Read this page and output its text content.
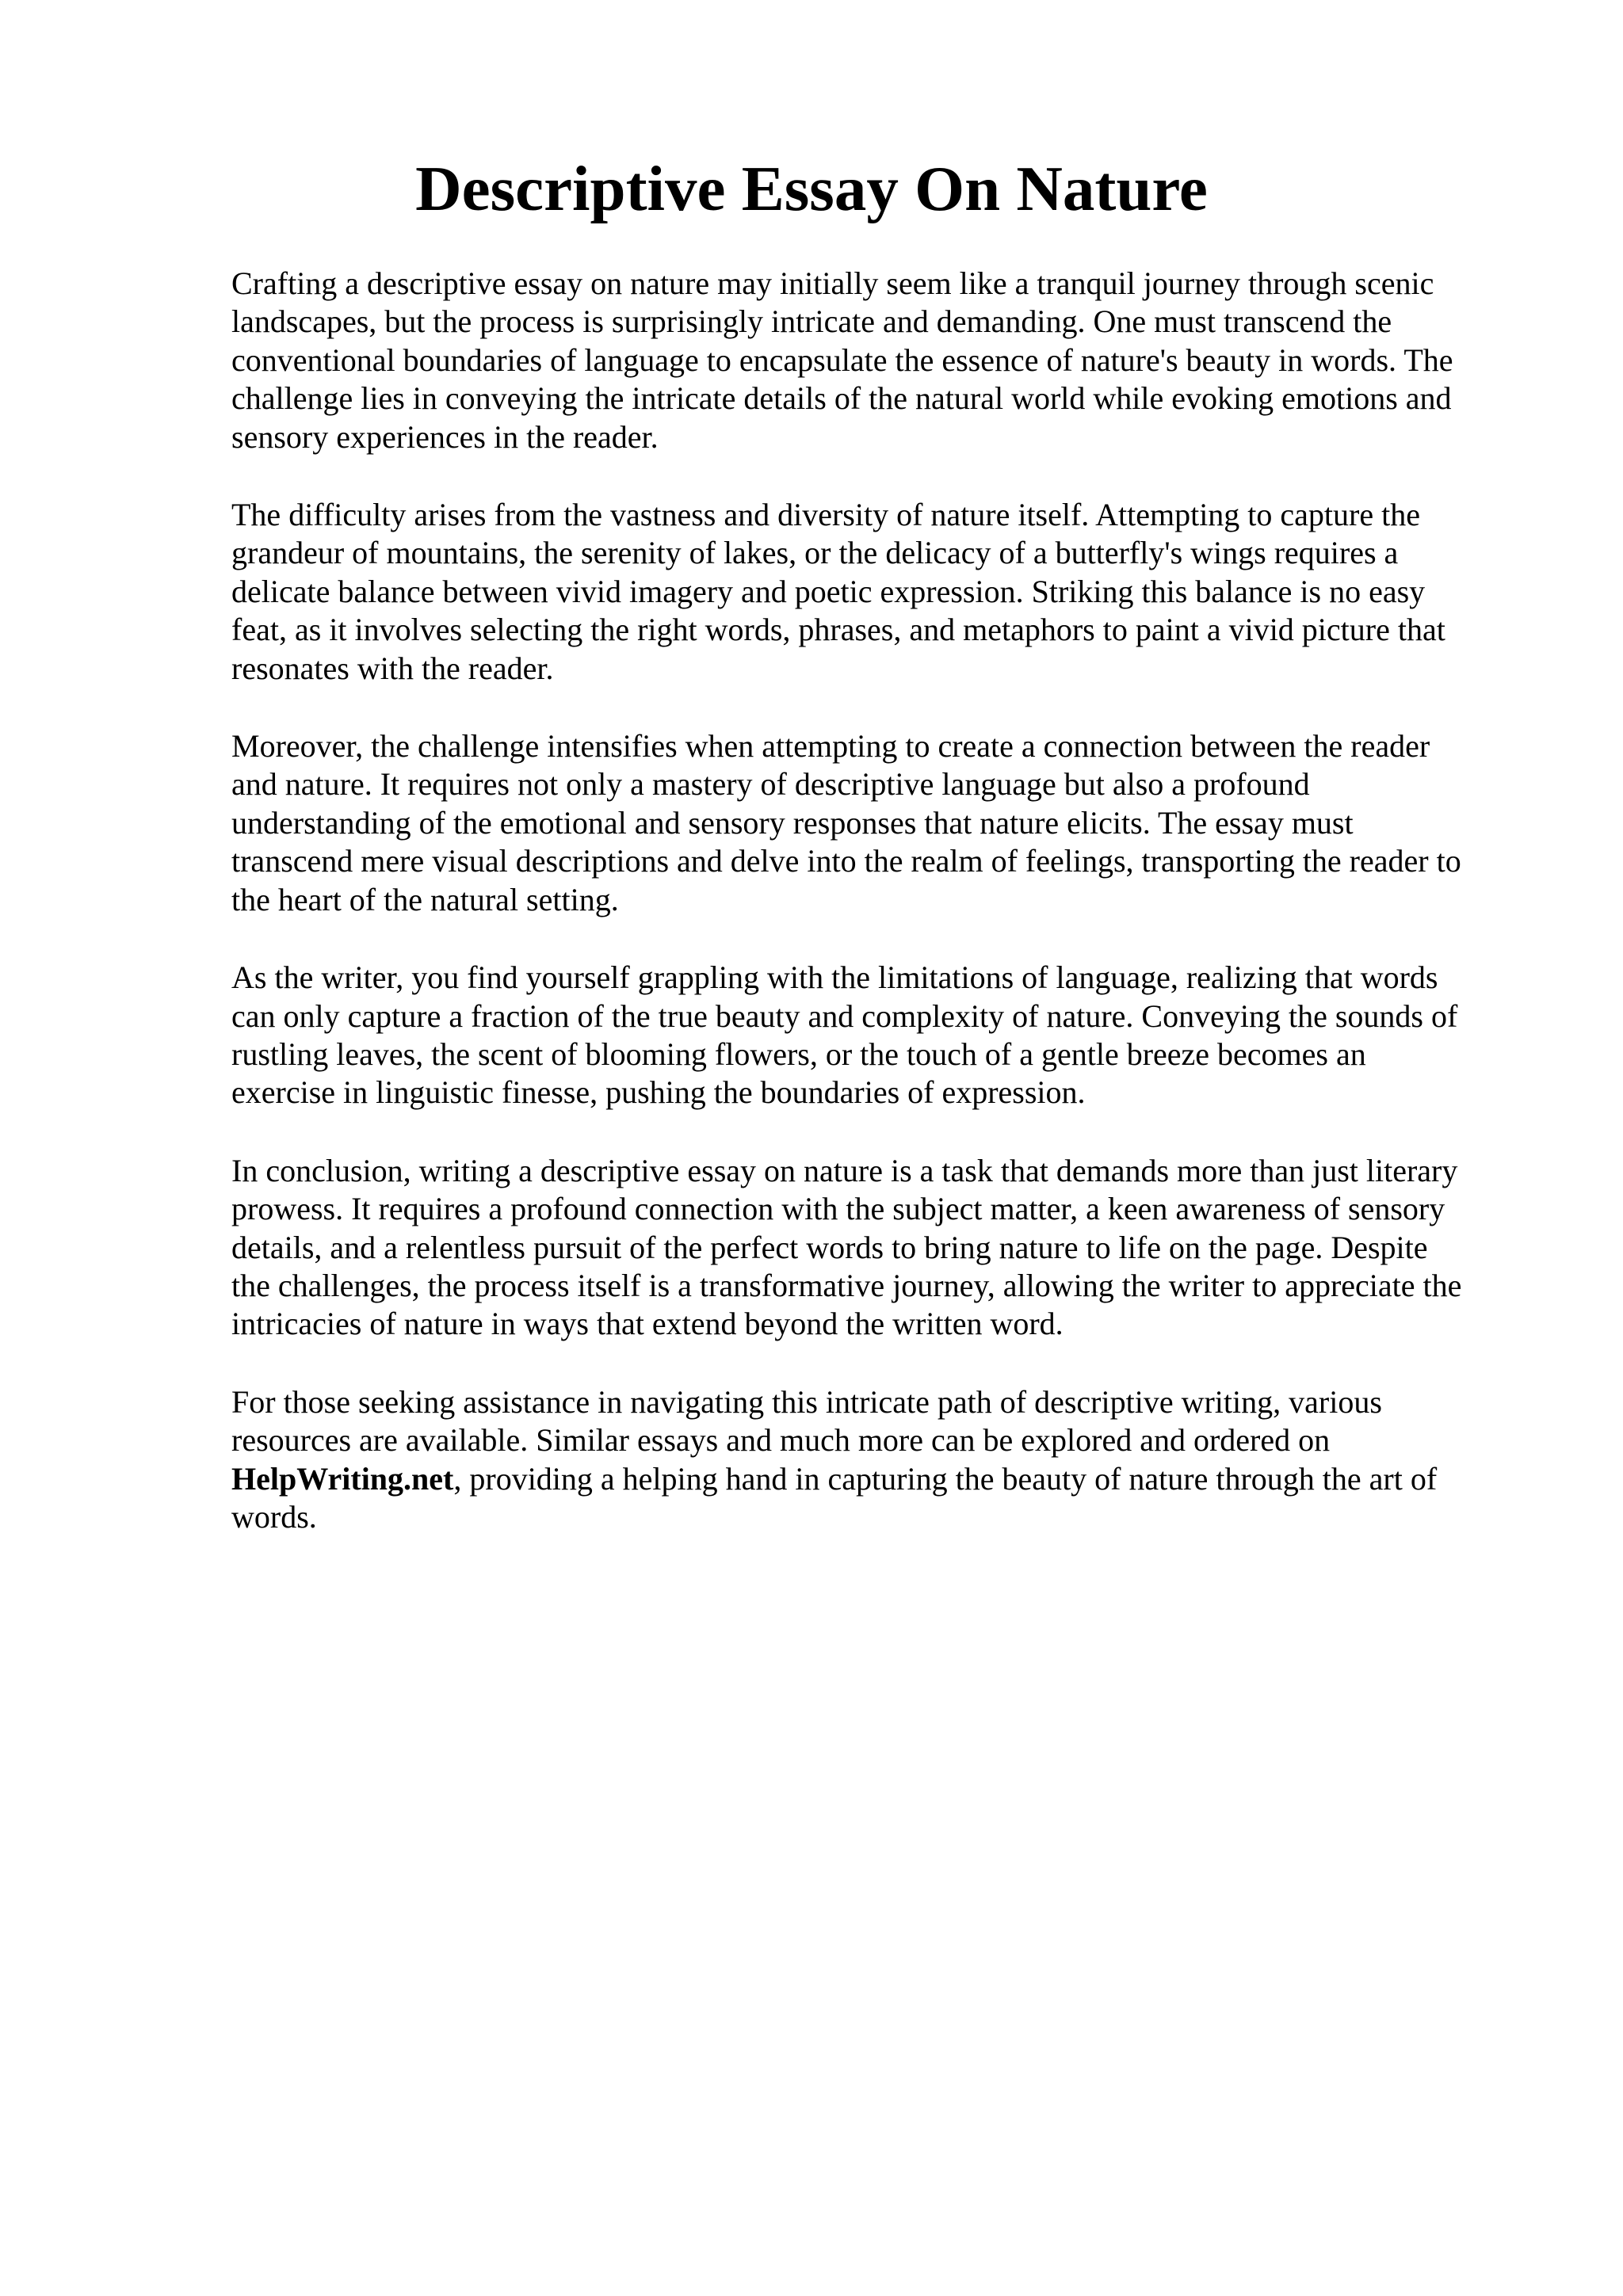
Descriptive Essay On Nature

Crafting a descriptive essay on nature may initially seem like a tranquil journey through scenic
landscapes, but the process is surprisingly intricate and demanding. One must transcend the
conventional boundaries of language to encapsulate the essence of nature's beauty in words. The
challenge lies in conveying the intricate details of the natural world while evoking emotions and
sensory experiences in the reader.

The difficulty arises from the vastness and diversity of nature itself. Attempting to capture the
grandeur of mountains, the serenity of lakes, or the delicacy of a butterfly's wings requires a
delicate balance between vivid imagery and poetic expression. Striking this balance is no easy
feat, as it involves selecting the right words, phrases, and metaphors to paint a vivid picture that
resonates with the reader.

Moreover, the challenge intensifies when attempting to create a connection between the reader
and nature. It requires not only a mastery of descriptive language but also a profound
understanding of the emotional and sensory responses that nature elicits. The essay must
transcend mere visual descriptions and delve into the realm of feelings, transporting the reader to
the heart of the natural setting.

As the writer, you find yourself grappling with the limitations of language, realizing that words
can only capture a fraction of the true beauty and complexity of nature. Conveying the sounds of
rustling leaves, the scent of blooming flowers, or the touch of a gentle breeze becomes an
exercise in linguistic finesse, pushing the boundaries of expression.

In conclusion, writing a descriptive essay on nature is a task that demands more than just literary
prowess. It requires a profound connection with the subject matter, a keen awareness of sensory
details, and a relentless pursuit of the perfect words to bring nature to life on the page. Despite
the challenges, the process itself is a transformative journey, allowing the writer to appreciate the
intricacies of nature in ways that extend beyond the written word.

For those seeking assistance in navigating this intricate path of descriptive writing, various
resources are available. Similar essays and much more can be explored and ordered on
HelpWriting.net, providing a helping hand in capturing the beauty of nature through the art of
words.
